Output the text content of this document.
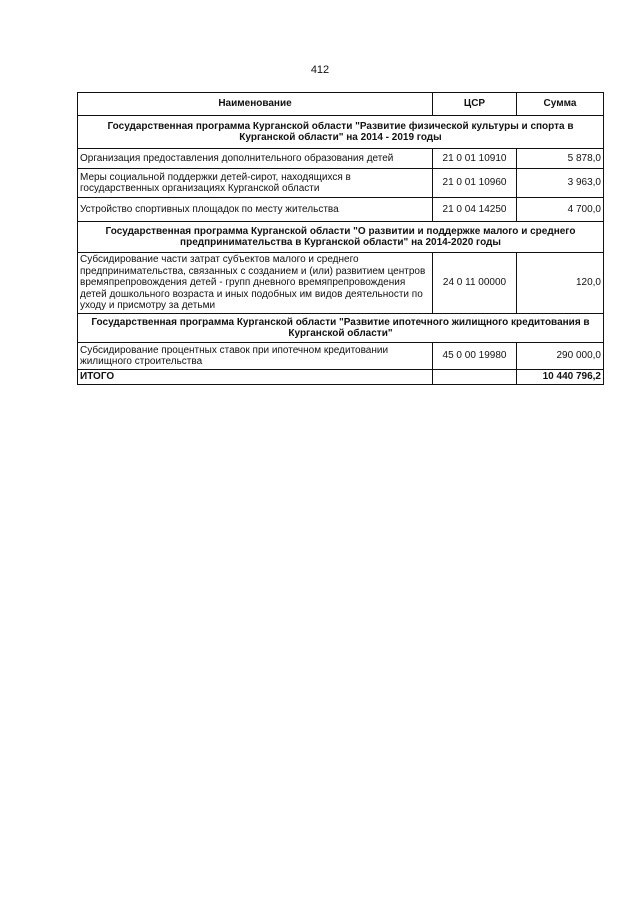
412
Наименование	ЦСР	Сумма
Государственная программа Курганской области "Развитие физической культуры и спорта в Курганской области" на 2014 - 2019 годы		
Организация предоставления дополнительного образования детей	21 0 01 10910	5 878,0
Меры социальной поддержки детей-сирот, находящихся в государственных организациях Курганской области	21 0 01 10960	3 963,0
Устройство спортивных площадок по месту жительства	21 0 04 14250	4 700,0
Государственная программа Курганской области "О развитии и поддержке малого и среднего предпринимательства в Курганской области" на 2014-2020 годы		
Субсидирование части затрат субъектов малого и среднего предпринимательства, связанных с созданием и (или) развитием центров времяпрепровождения детей - групп дневного времяпрепровождения детей дошкольного возраста и иных подобных им видов деятельности по уходу и присмотру за детьми	24 0 11 00000	120,0
Государственная программа Курганской области "Развитие ипотечного жилищного кредитования в Курганской области"		
Субсидирование процентных ставок при ипотечном кредитовании жилищного строительства	45 0 00 19980	290 000,0
ИТОГО		10 440 796,2
